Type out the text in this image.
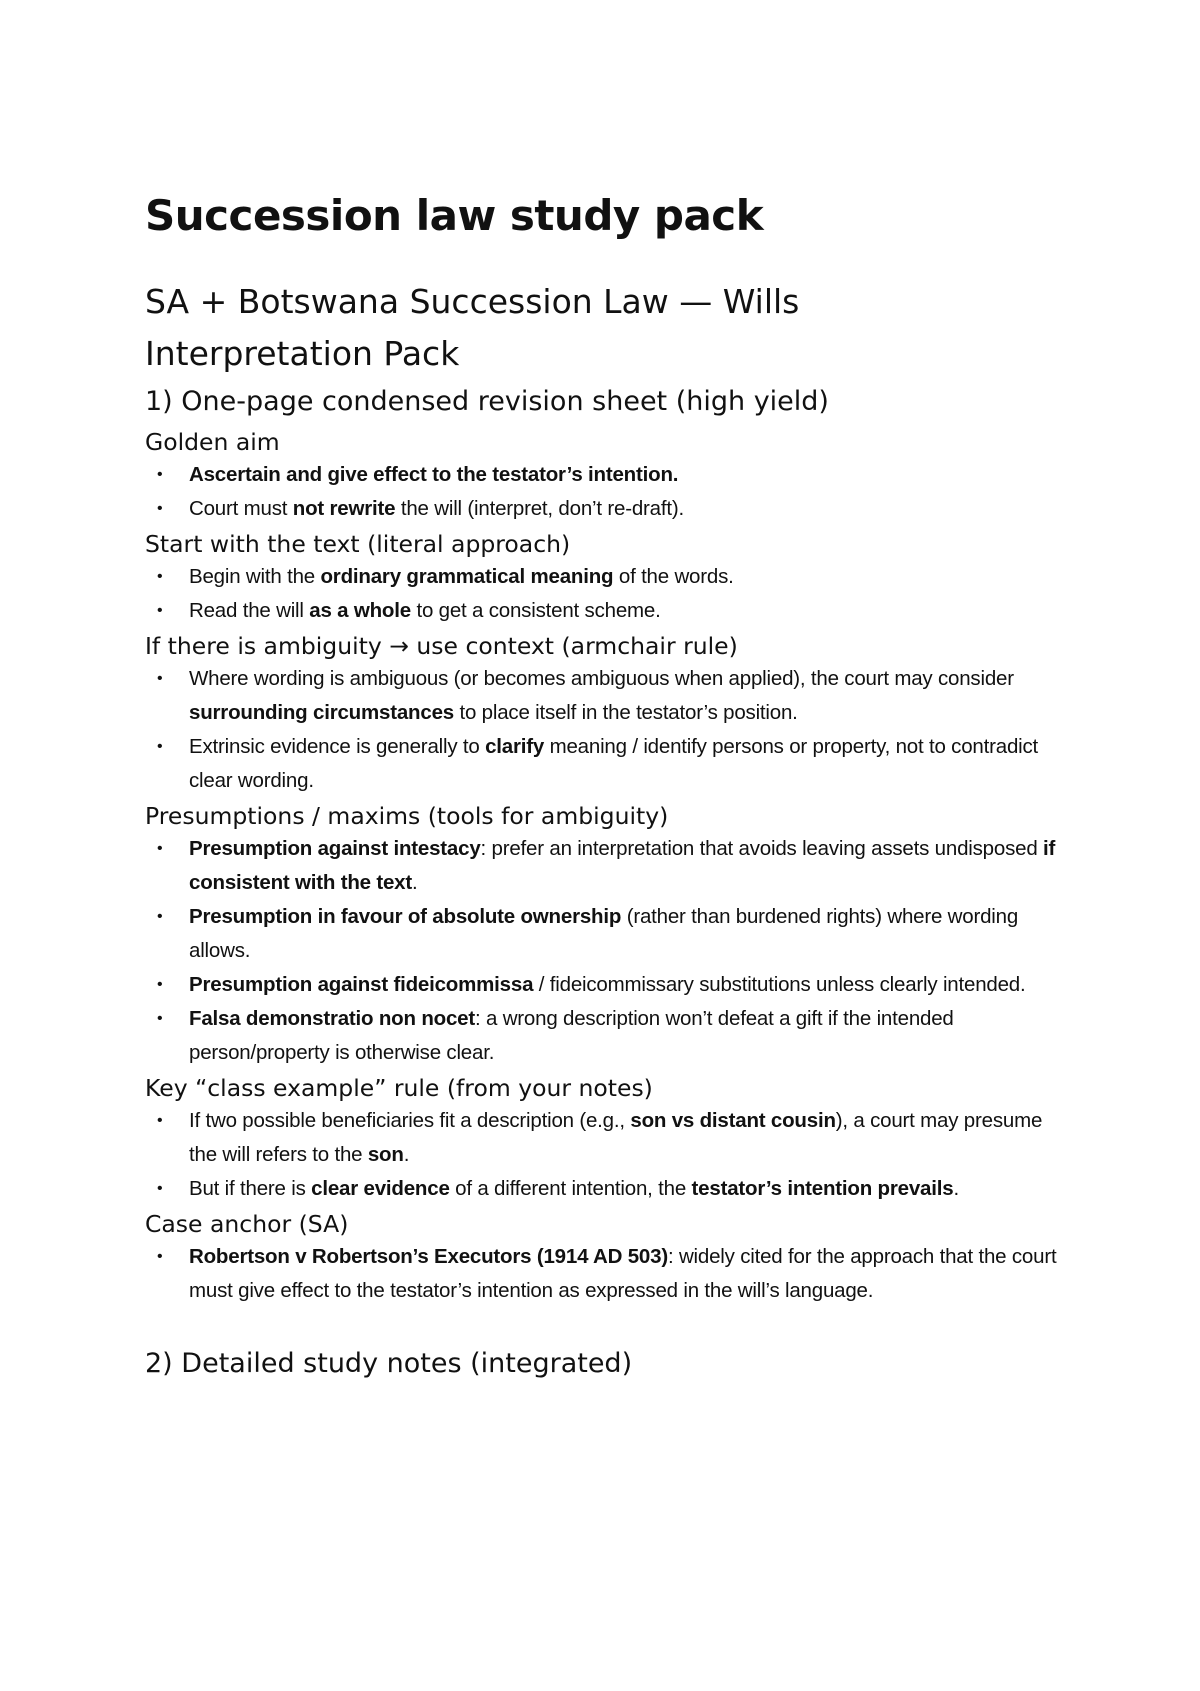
Succession law study pack
SA + Botswana Succession Law — Wills Interpretation Pack
1) One-page condensed revision sheet (high yield)
Golden aim
• Ascertain and give effect to the testator’s intention.
• Court must not rewrite the will (interpret, don’t re-draft).
Start with the text (literal approach)
• Begin with the ordinary grammatical meaning of the words.
• Read the will as a whole to get a consistent scheme.
If there is ambiguity → use context (armchair rule)
• Where wording is ambiguous (or becomes ambiguous when applied), the court may consider surrounding circumstances to place itself in the testator’s position.
• Extrinsic evidence is generally to clarify meaning / identify persons or property, not to contradict clear wording.
Presumptions / maxims (tools for ambiguity)
• Presumption against intestacy: prefer an interpretation that avoids leaving assets undisposed if consistent with the text.
• Presumption in favour of absolute ownership (rather than burdened rights) where wording allows.
• Presumption against fideicommissa / fideicommissary substitutions unless clearly intended.
• Falsa demonstratio non nocet: a wrong description won’t defeat a gift if the intended person/property is otherwise clear.
Key “class example” rule (from your notes)
• If two possible beneficiaries fit a description (e.g., son vs distant cousin), a court may presume the will refers to the son.
• But if there is clear evidence of a different intention, the testator’s intention prevails.
Case anchor (SA)
• Robertson v Robertson’s Executors (1914 AD 503): widely cited for the approach that the court must give effect to the testator’s intention as expressed in the will’s language.
2) Detailed study notes (integrated)
